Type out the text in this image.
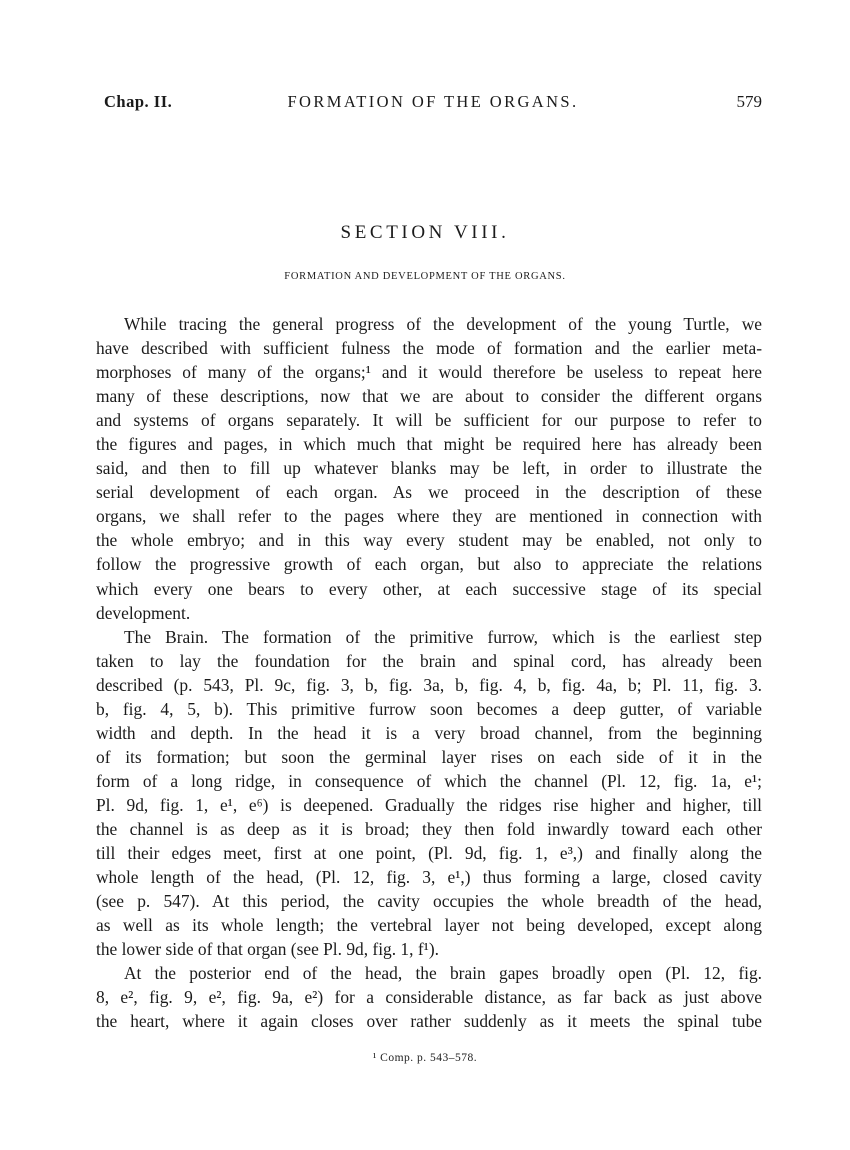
Chap. II.	FORMATION OF THE ORGANS.	579
SECTION VIII.
FORMATION AND DEVELOPMENT OF THE ORGANS.
While tracing the general progress of the development of the young Turtle, we
have described with sufficient fulness the mode of formation and the earlier meta-
morphoses of many of the organs;¹ and it would therefore be useless to repeat here
many of these descriptions, now that we are about to consider the different organs
and systems of organs separately. It will be sufficient for our purpose to refer to
the figures and pages, in which much that might be required here has already been
said, and then to fill up whatever blanks may be left, in order to illustrate the
serial development of each organ. As we proceed in the description of these
organs, we shall refer to the pages where they are mentioned in connection with
the whole embryo; and in this way every student may be enabled, not only to
follow the progressive growth of each organ, but also to appreciate the relations
which every one bears to every other, at each successive stage of its special
development.
The Brain. The formation of the primitive furrow, which is the earliest step
taken to lay the foundation for the brain and spinal cord, has already been
described (p. 543, Pl. 9c, fig. 3, b, fig. 3a, b, fig. 4, b, fig. 4a, b; Pl. 11, fig. 3.
b, fig. 4, 5, b). This primitive furrow soon becomes a deep gutter, of variable
width and depth. In the head it is a very broad channel, from the beginning
of its formation; but soon the germinal layer rises on each side of it in the
form of a long ridge, in consequence of which the channel (Pl. 12, fig. 1a, e¹;
Pl. 9d, fig. 1, e¹, e⁶) is deepened. Gradually the ridges rise higher and higher, till
the channel is as deep as it is broad; they then fold inwardly toward each other
till their edges meet, first at one point, (Pl. 9d, fig. 1, e³,) and finally along the
whole length of the head, (Pl. 12, fig. 3, e¹,) thus forming a large, closed cavity
(see p. 547). At this period, the cavity occupies the whole breadth of the head,
as well as its whole length; the vertebral layer not being developed, except along
the lower side of that organ (see Pl. 9d, fig. 1, f¹).
At the posterior end of the head, the brain gapes broadly open (Pl. 12, fig.
8, e², fig. 9, e², fig. 9a, e²) for a considerable distance, as far back as just above
the heart, where it again closes over rather suddenly as it meets the spinal tube
¹ Comp. p. 543–578.
